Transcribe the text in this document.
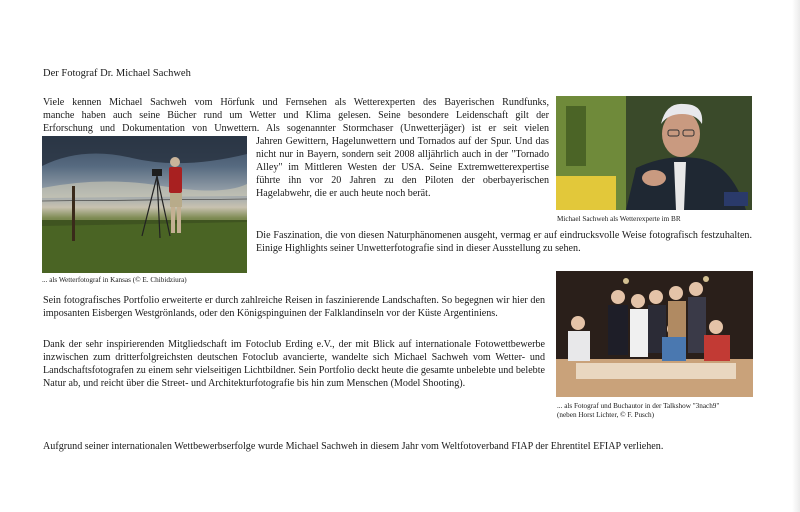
Der Fotograf Dr. Michael Sachweh

Viele kennen Michael Sachweh vom Hörfunk und Fernsehen als Wetterexperten des Bayerischen Rundfunks,

manche haben auch seine Bücher rund um Wetter und Klima gelesen. Seine besondere Leidenschaft gilt der

Erforschung und Dokumentation von Unwettern. Als sogenannter Stormchaser (Unwetterjäger) ist er seit vielen

Jahren Gewittern, Hagelunwettern und Tornados auf der Spur. Und das nicht nur in Bayern, sondern seit 2008 alljährlich auch in der "Tornado Alley" im Mittleren Westen der USA. Seine Extremwetterexpertise führte ihn vor 20 Jahren zu den Piloten der oberbayerischen Hagelabwehr, die er auch heute noch berät.

... als Wetterfotograf in Kansas (© E. Chibidziura)

Michael Sachweh als Wetterexperte im BR

Die Faszination, die von diesen Naturphänomenen ausgeht, vermag er auf eindrucksvolle Weise fotografisch festzuhalten. Einige Highlights seiner Unwetterfotografie sind in dieser Ausstellung zu sehen.

Sein fotografisches Portfolio erweiterte er durch zahlreiche Reisen in faszinierende Landschaften. So begegnen wir hier den imposanten Eisbergen Westgrönlands, oder den Königspinguinen der Falklandinseln vor der Küste Argentiniens.

Dank der sehr inspirierenden Mitgliedschaft im Fotoclub Erding e.V., der mit Blick auf internationale Fotowettbewerbe inzwischen zum dritterfolgreichsten deutschen Fotoclub avancierte, wandelte sich Michael Sachweh vom Wetter- und Landschaftsfotografen zu einem sehr vielseitigen Lichtbildner. Sein Portfolio deckt heute die gesamte unbelebte und belebte Natur ab, und reicht über die Street- und Architekturfotografie bis hin zum Menschen (Model Shooting).

... als Fotograf und Buchautor in der Talkshow "3nach9"

(neben Horst Lichter, © F. Pusch)

Aufgrund seiner internationalen Wettbewerbserfolge wurde Michael Sachweh in diesem Jahr vom Weltfotoverband FIAP der Ehrentitel EFIAP verliehen.
